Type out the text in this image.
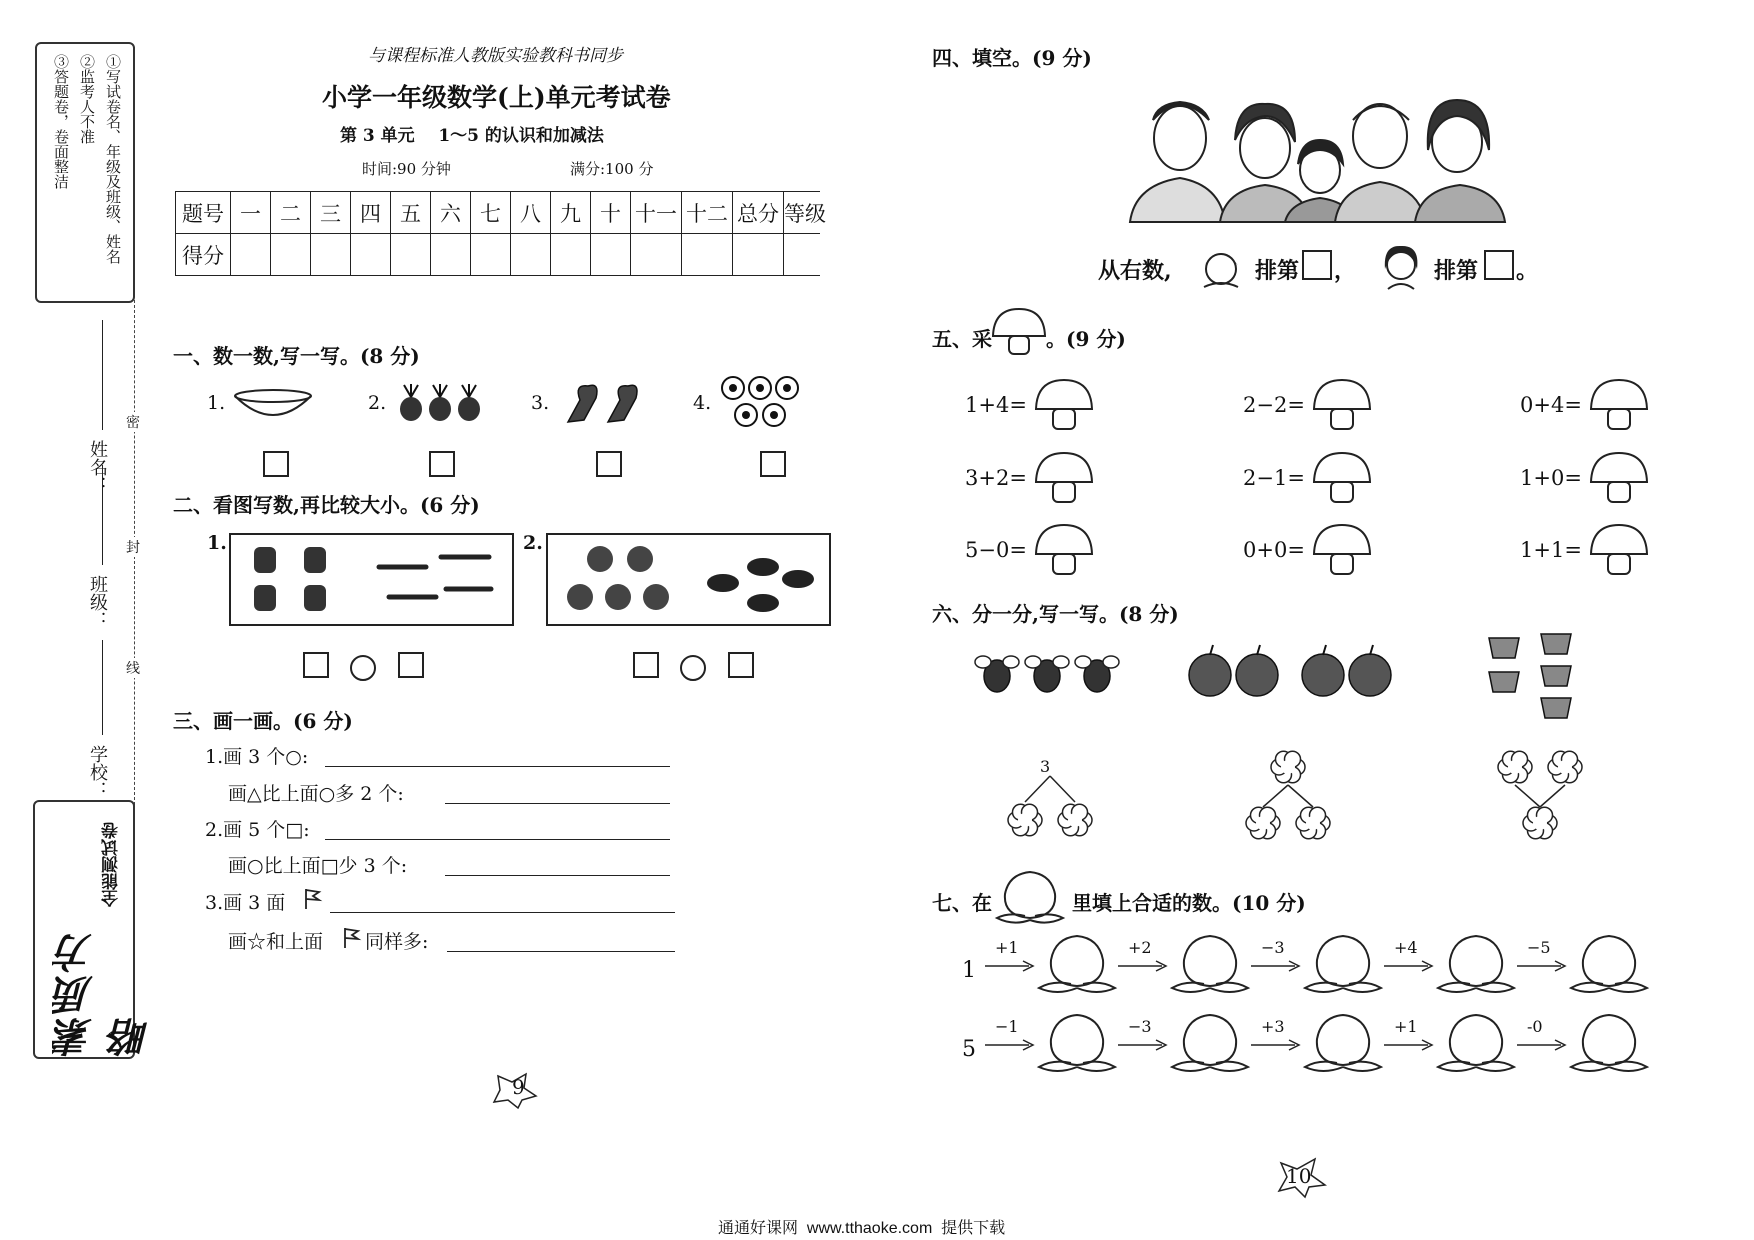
①写试卷名、年级及班级、姓名
②监考人不准
③答题卷，卷面整洁
姓名：
班级：
学校：
密
封
线
素质方略
全能测试卷
与课程标准人教版实验教科书同步
小学一年级数学(上)单元考试卷
第 3 单元    1～5 的认识和加减法
时间:90 分钟	满分:100 分
题号	一	二	三	四	五	六	七	八	九	十	十一	十二	总分	等级
得分														
一、数一数,写一写。(8 分)
1.	2.	3.	4.
二、看图写数,再比较大小。(6 分)
1.	2.
三、画一画。(6 分)
1.画 3 个○:
画△比上面○多 2 个:
2.画 5 个□:
画○比上面□少 3 个:
3.画 3 面
画☆和上面 同样多:
9
四、填空。(9 分)
从右数,	排第 ，	排第 。
五、采	。(9 分)
1+4=	2−2=	0+4=
3+2=	2−1=	1+0=
5−0=	0+0=	1+1=
六、分一分,写一写。(8 分)
3
七、在	里填上合适的数。(10 分)
1
5
+1	+2	−3	+4	−5
−1	−3	+3	+1	-0
10
通通好课网  www.tthaoke.com  提供下载
